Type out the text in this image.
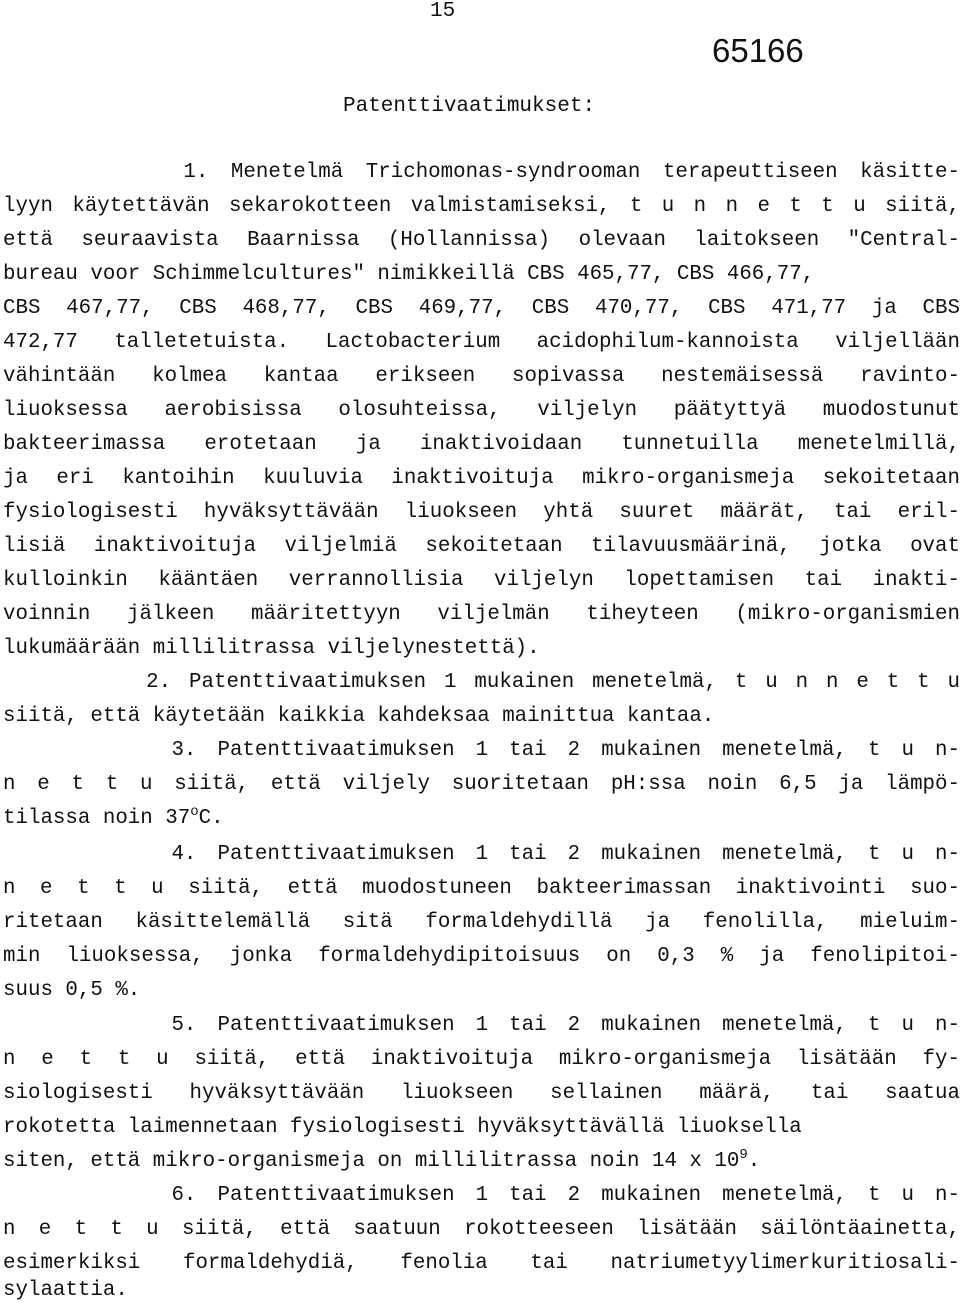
15
65166
Patenttivaatimukset:
1. Menetelmä Trichomonas-syndrooman terapeuttiseen käsitte-
lyyn käytettävän sekarokotteen valmistamiseksi, t u n n e t t u siitä,
että seuraavista Baarnissa (Hollannissa) olevaan laitokseen "Central-
bureau voor Schimmelcultures" nimikkeillä CBS 465,77, CBS 466,77,
CBS 467,77, CBS 468,77, CBS 469,77, CBS 470,77, CBS 471,77 ja CBS
472,77 talletetuista. Lactobacterium acidophilum-kannoista viljellään
vähintään kolmea kantaa erikseen sopivassa nestemäisessä ravinto-
liuoksessa aerobisissa olosuhteissa, viljelyn päätyttyä muodostunut
bakteerimassa erotetaan ja inaktivoidaan tunnetuilla menetelmillä,
ja eri kantoihin kuuluvia inaktivoituja mikro-organismeja sekoitetaan
fysiologisesti hyväksyttävään liuokseen yhtä suuret määrät, tai eril-
lisiä inaktivoituja viljelmiä sekoitetaan tilavuusmäärinä, jotka ovat
kulloinkin kääntäen verrannollisia viljelyn lopettamisen tai inakti-
voinnin jälkeen määritettyyn viljelmän tiheyteen (mikro-organismien
lukumäärään millilitrassa viljelynestettä).
2. Patenttivaatimuksen 1 mukainen menetelmä, t u n n e t t u
siitä, että käytetään kaikkia kahdeksaa mainittua kantaa.
3. Patenttivaatimuksen 1 tai 2 mukainen menetelmä, t u n-
n e t t u siitä, että viljely suoritetaan pH:ssa noin 6,5 ja lämpö-
tilassa noin 37$^o$C.
4. Patenttivaatimuksen 1 tai 2 mukainen menetelmä, t u n-
n e t t u siitä, että muodostuneen bakteerimassan inaktivointi suo-
ritetaan käsittelemällä sitä formaldehydillä ja fenolilla, mieluim-
min liuoksessa, jonka formaldehydipitoisuus on 0,3 % ja fenolipitoi-
suus 0,5 %.
5. Patenttivaatimuksen 1 tai 2 mukainen menetelmä, t u n-
n e t t u siitä, että inaktivoituja mikro-organismeja lisätään fy-
siologisesti hyväksyttävään liuokseen sellainen määrä, tai saatua
rokotetta laimennetaan fysiologisesti hyväksyttävällä liuoksella
siten, että mikro-organismeja on millilitrassa noin 14 x $10^9$.
6. Patenttivaatimuksen 1 tai 2 mukainen menetelmä, t u n-
n e t t u siitä, että saatuun rokotteeseen lisätään säilöntäainetta,
esimerkiksi formaldehydiä, fenolia tai natriumetyylimerkuritiosali-
sylaattia.
